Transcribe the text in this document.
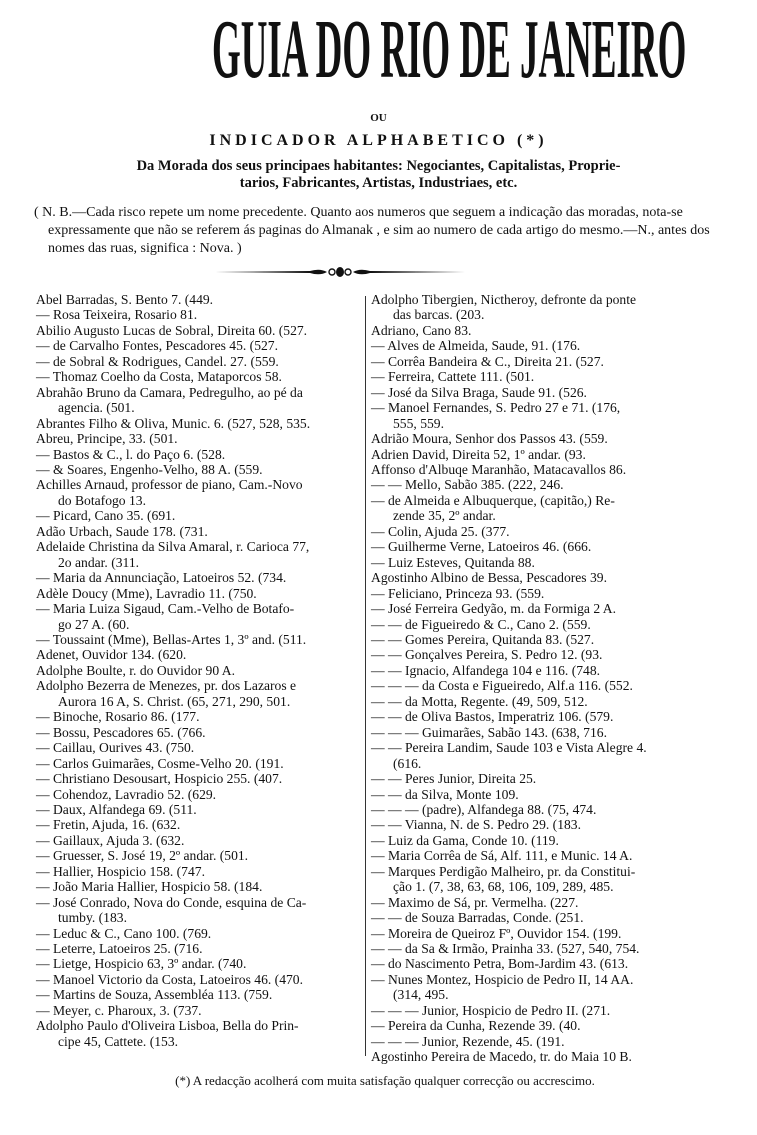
GUIA DO RIO DE JANEIRO
OU
INDICADOR ALPHABETICO (*)
Da Morada dos seus principaes habitantes: Negociantes, Capitalistas, Proprie-
tarios, Fabricantes, Artistas, Industriaes, etc.

( N. B.—Cada risco repete um nome precedente. Quanto aos numeros que seguem a indicação das moradas, nota-se expressamente que não se referem ás paginas do Almanak , e sim ao numero de cada artigo do mesmo.—N., antes dos nomes das ruas, significa : Nova. )

Abel Barradas, S. Bento 7. (449.
— Rosa Teixeira, Rosario 81.
Abilio Augusto Lucas de Sobral, Direita 60. (527.
— de Carvalho Fontes, Pescadores 45. (527.
— de Sobral & Rodrigues, Candel. 27. (559.
— Thomaz Coelho da Costa, Mataporcos 58.
Abrahão Bruno da Camara, Pedregulho, ao pé da
agencia. (501.
Abrantes Filho & Oliva, Munic. 6. (527, 528, 535.
Abreu, Principe, 33. (501.
— Bastos & C., l. do Paço 6. (528.
— & Soares, Engenho-Velho, 88 A. (559.
Achilles Arnaud, professor de piano, Cam.-Novo
do Botafogo 13.
— Picard, Cano 35. (691.
Adão Urbach, Saude 178. (731.
Adelaide Christina da Silva Amaral, r. Carioca 77,
2o andar. (311.
— Maria da Annunciação, Latoeiros 52. (734.
Adèle Doucy (Mme), Lavradio 11. (750.
— Maria Luiza Sigaud, Cam.-Velho de Botafo-
go 27 A. (60.
— Toussaint (Mme), Bellas-Artes 1, 3º and. (511.
Adenet, Ouvidor 134. (620.
Adolphe Boulte, r. do Ouvidor 90 A.
Adolpho Bezerra de Menezes, pr. dos Lazaros e
Aurora 16 A, S. Christ. (65, 271, 290, 501.
— Binoche, Rosario 86. (177.
— Bossu, Pescadores 65. (766.
— Caillau, Ourives 43. (750.
— Carlos Guimarães, Cosme-Velho 20. (191.
— Christiano Desousart, Hospicio 255. (407.
— Cohendoz, Lavradio 52. (629.
— Daux, Alfandega 69. (511.
— Fretin, Ajuda, 16. (632.
— Gaillaux, Ajuda 3. (632.
— Gruesser, S. José 19, 2º andar. (501.
— Hallier, Hospicio 158. (747.
— João Maria Hallier, Hospicio 58. (184.
— José Conrado, Nova do Conde, esquina de Ca-
tumby. (183.
— Leduc & C., Cano 100. (769.
— Leterre, Latoeiros 25. (716.
— Lietge, Hospicio 63, 3º andar. (740.
— Manoel Victorio da Costa, Latoeiros 46. (470.
— Martins de Souza, Assembléa 113. (759.
— Meyer, c. Pharoux, 3. (737.
Adolpho Paulo d'Oliveira Lisboa, Bella do Prin-
cipe 45, Cattete. (153.
Adolpho Tibergien, Nictheroy, defronte da ponte
das barcas. (203.
Adriano, Cano 83.
— Alves de Almeida, Saude, 91. (176.
— Corrêa Bandeira & C., Direita 21. (527.
— Ferreira, Cattete 111. (501.
— José da Silva Braga, Saude 91. (526.
— Manoel Fernandes, S. Pedro 27 e 71. (176,
555, 559.
Adrião Moura, Senhor dos Passos 43. (559.
Adrien David, Direita 52, 1º andar. (93.
Affonso d'Albuqe Maranhão, Matacavallos 86.
— — Mello, Sabão 385. (222, 246.
— de Almeida e Albuquerque, (capitão,) Re-
zende 35, 2º andar.
— Colin, Ajuda 25. (377.
— Guilherme Verne, Latoeiros 46. (666.
— Luiz Esteves, Quitanda 88.
Agostinho Albino de Bessa, Pescadores 39.
— Feliciano, Princeza 93. (559.
— José Ferreira Gedyão, m. da Formiga 2 A.
— — de Figueiredo & C., Cano 2. (559.
— — Gomes Pereira, Quitanda 83. (527.
— — Gonçalves Pereira, S. Pedro 12. (93.
— — Ignacio, Alfandega 104 e 116. (748.
— — — da Costa e Figueiredo, Alf.a 116. (552.
— — da Motta, Regente. (49, 509, 512.
— — de Oliva Bastos, Imperatriz 106. (579.
— — — Guimarães, Sabão 143. (638, 716.
— — Pereira Landim, Saude 103 e Vista Alegre 4.
(616.
— — Peres Junior, Direita 25.
— — da Silva, Monte 109.
— — — (padre), Alfandega 88. (75, 474.
— — Vianna, N. de S. Pedro 29. (183.
— Luiz da Gama, Conde 10. (119.
— Maria Corrêa de Sá, Alf. 111, e Munic. 14 A.
— Marques Perdigão Malheiro, pr. da Constitui-
ção 1. (7, 38, 63, 68, 106, 109, 289, 485.
— Maximo de Sá, pr. Vermelha. (227.
— — de Souza Barradas, Conde. (251.
— Moreira de Queiroz Fº, Ouvidor 154. (199.
— — da Sa & Irmão, Prainha 33. (527, 540, 754.
— do Nascimento Petra, Bom-Jardim 43. (613.
— Nunes Montez, Hospicio de Pedro II, 14 AA.
(314, 495.
— — — Junior, Hospicio de Pedro II. (271.
— Pereira da Cunha, Rezende 39. (40.
— — — Junior, Rezende, 45. (191.
Agostinho Pereira de Macedo, tr. do Maia 10 B.
(*) A redacção acolherá com muita satisfação qualquer correcção ou accrescimo.
